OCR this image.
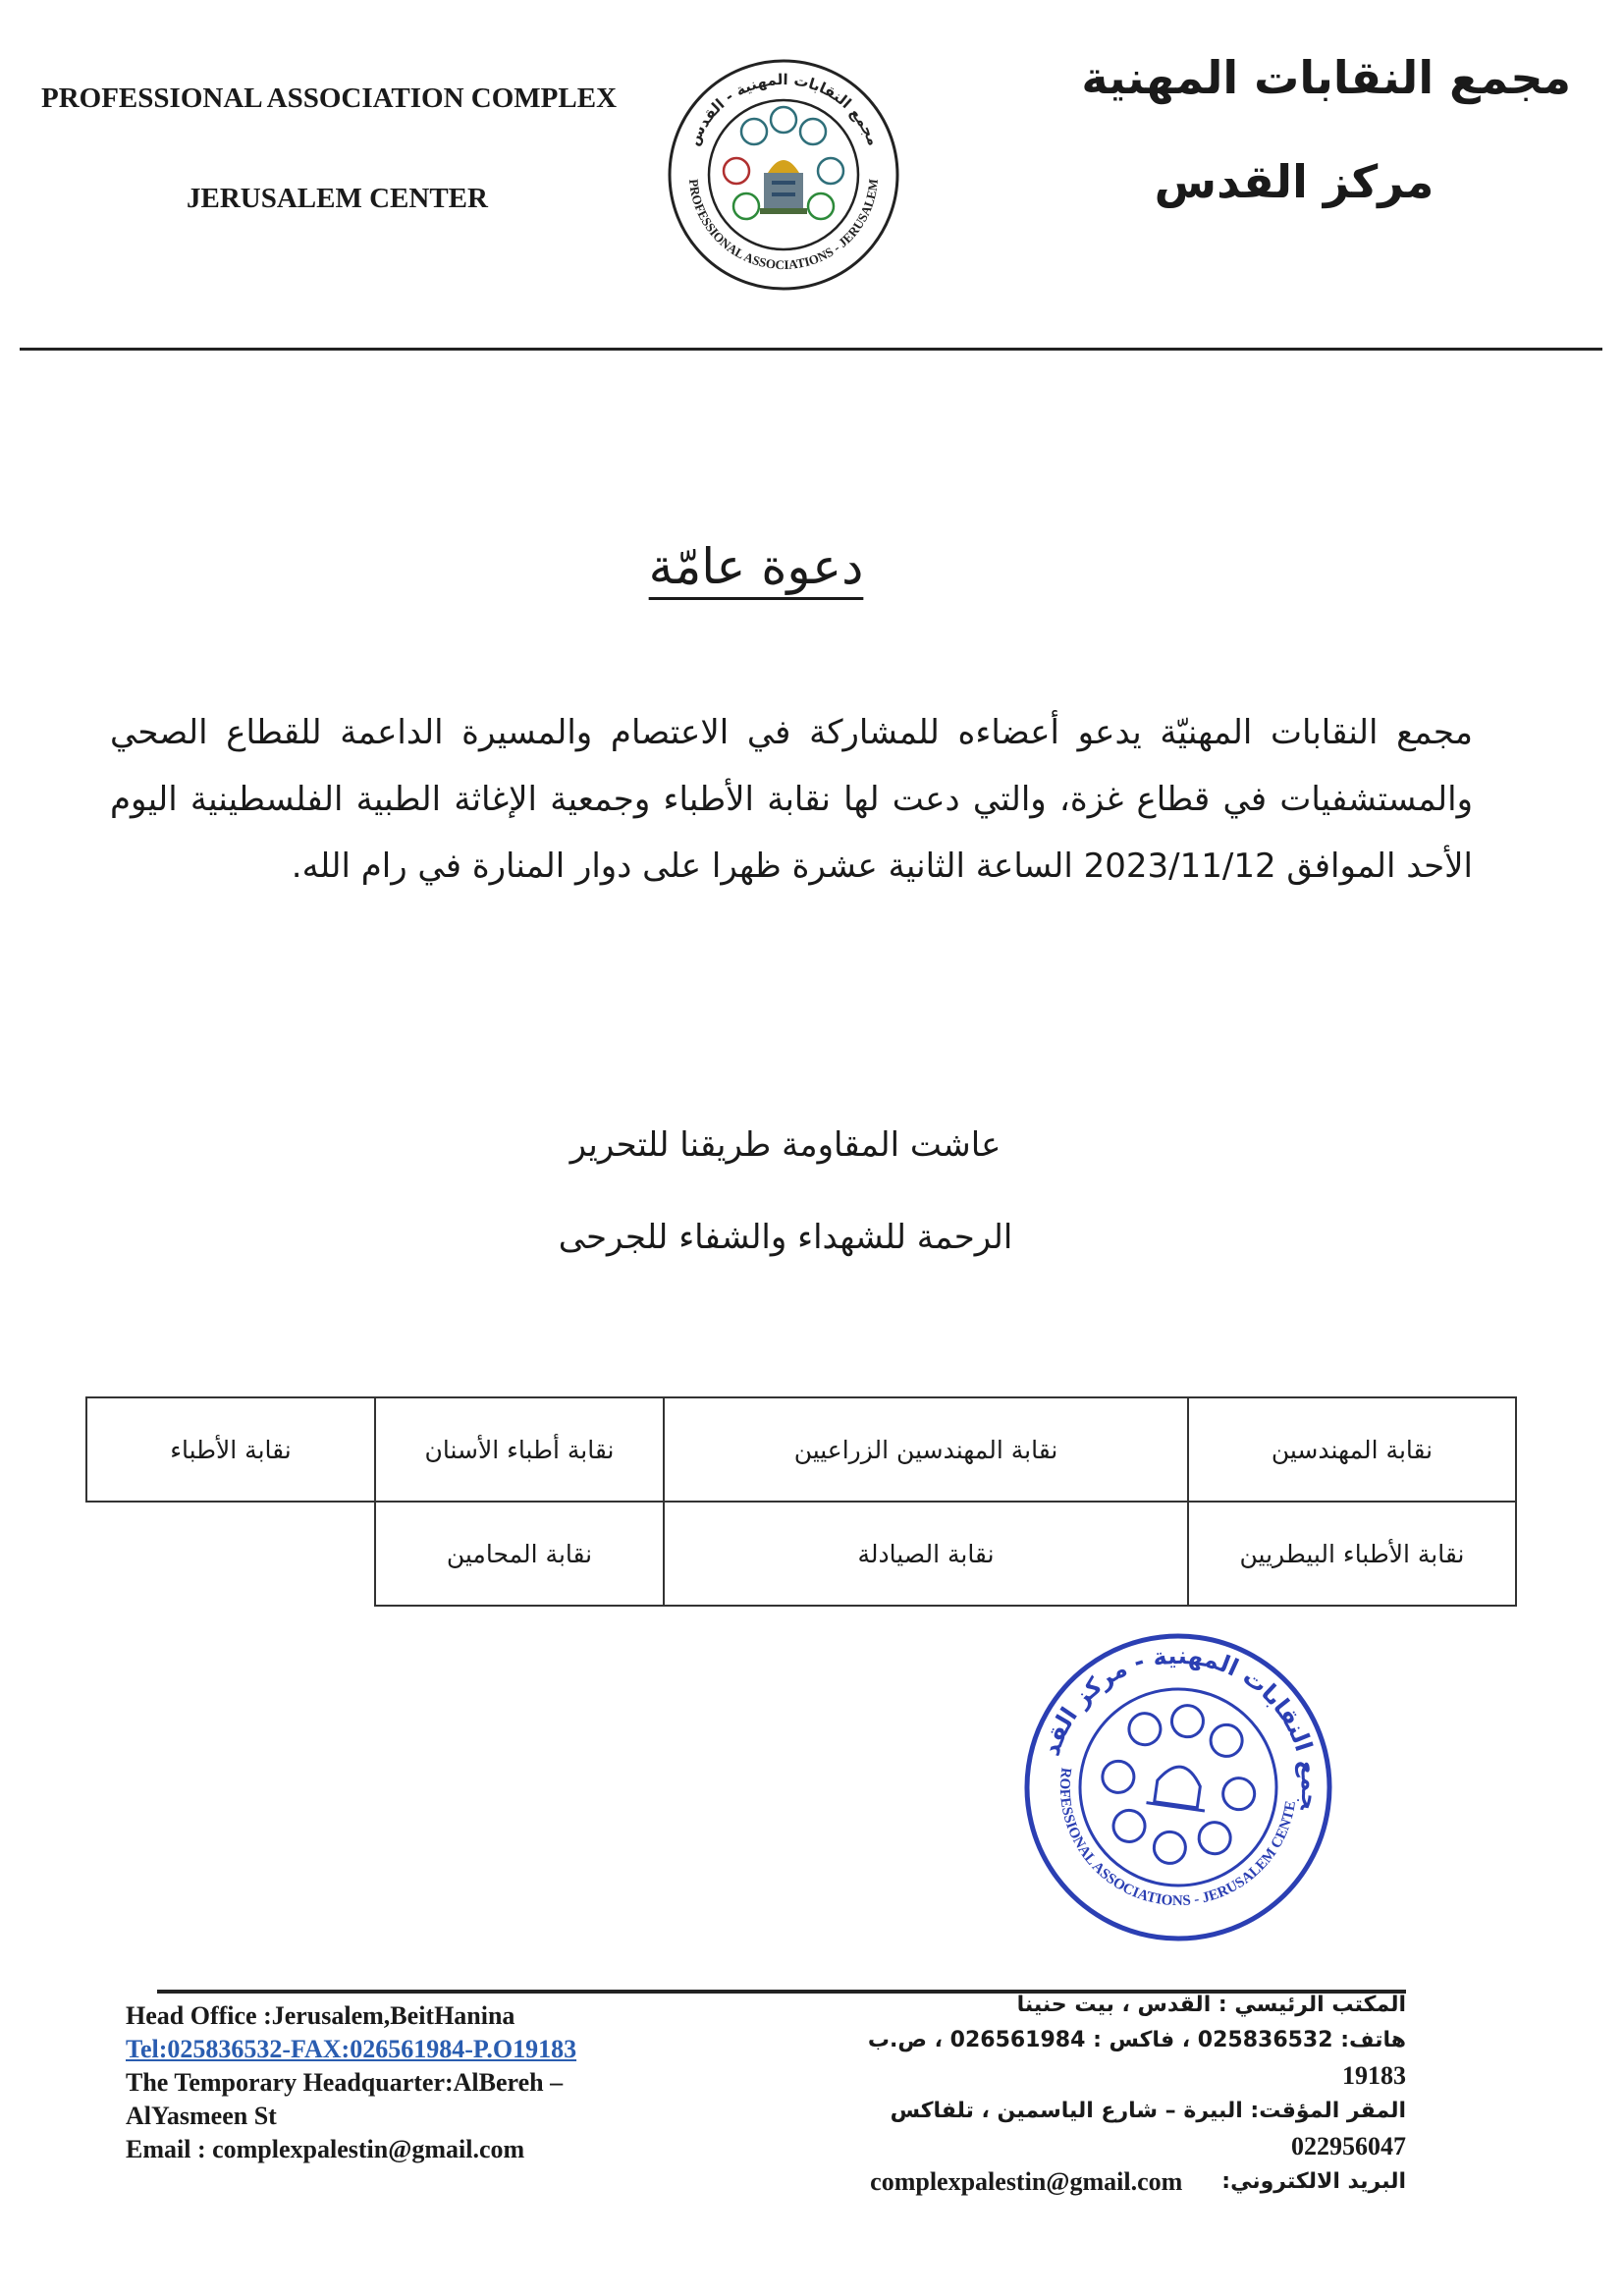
PROFESSIONAL ASSOCIATION COMPLEX
JERUSALEM CENTER
مجمع النقابات المهنية
مركز القدس
مجمع النقابات المهنية - القدس
PROFESSIONAL ASSOCIATIONS - JERUSALEM
دعوة عامّة
مجمع النقابات المهنيّة يدعو أعضاءه للمشاركة في الاعتصام والمسيرة الداعمة للقطاع الصحي والمستشفيات في قطاع غزة، والتي دعت لها نقابة الأطباء وجمعية الإغاثة الطبية الفلسطينية اليوم الأحد الموافق 2023/11/12 الساعة الثانية عشرة ظهرا على دوار المنارة في رام الله.
عاشت المقاومة طريقنا للتحرير
الرحمة للشهداء والشفاء للجرحى
نقابة الأطباء	نقابة أطباء الأسنان	نقابة المهندسين الزراعيين	نقابة المهندسين
	نقابة المحامين	نقابة الصيادلة	نقابة الأطباء البيطريين
مجمع النقابات المهنية - مركز القدس
PROFESSIONAL ASSOCIATIONS - JERUSALEM CENTER
Head Office :Jerusalem,BeitHanina
Tel:025836532-FAX:026561984-P.O19183
The Temporary Headquarter:AlBereh –
AlYasmeen St
Email : complexpalestin@gmail.com
المكتب الرئيسي : القدس ، بيت حنينا
هاتف: 025836532 ، فاكس : 026561984 ، ص.ب
19183
المقر المؤقت: البيرة – شارع الياسمين ، تلفاكس
022956047
البريد الالكتروني:
complexpalestin@gmail.com
